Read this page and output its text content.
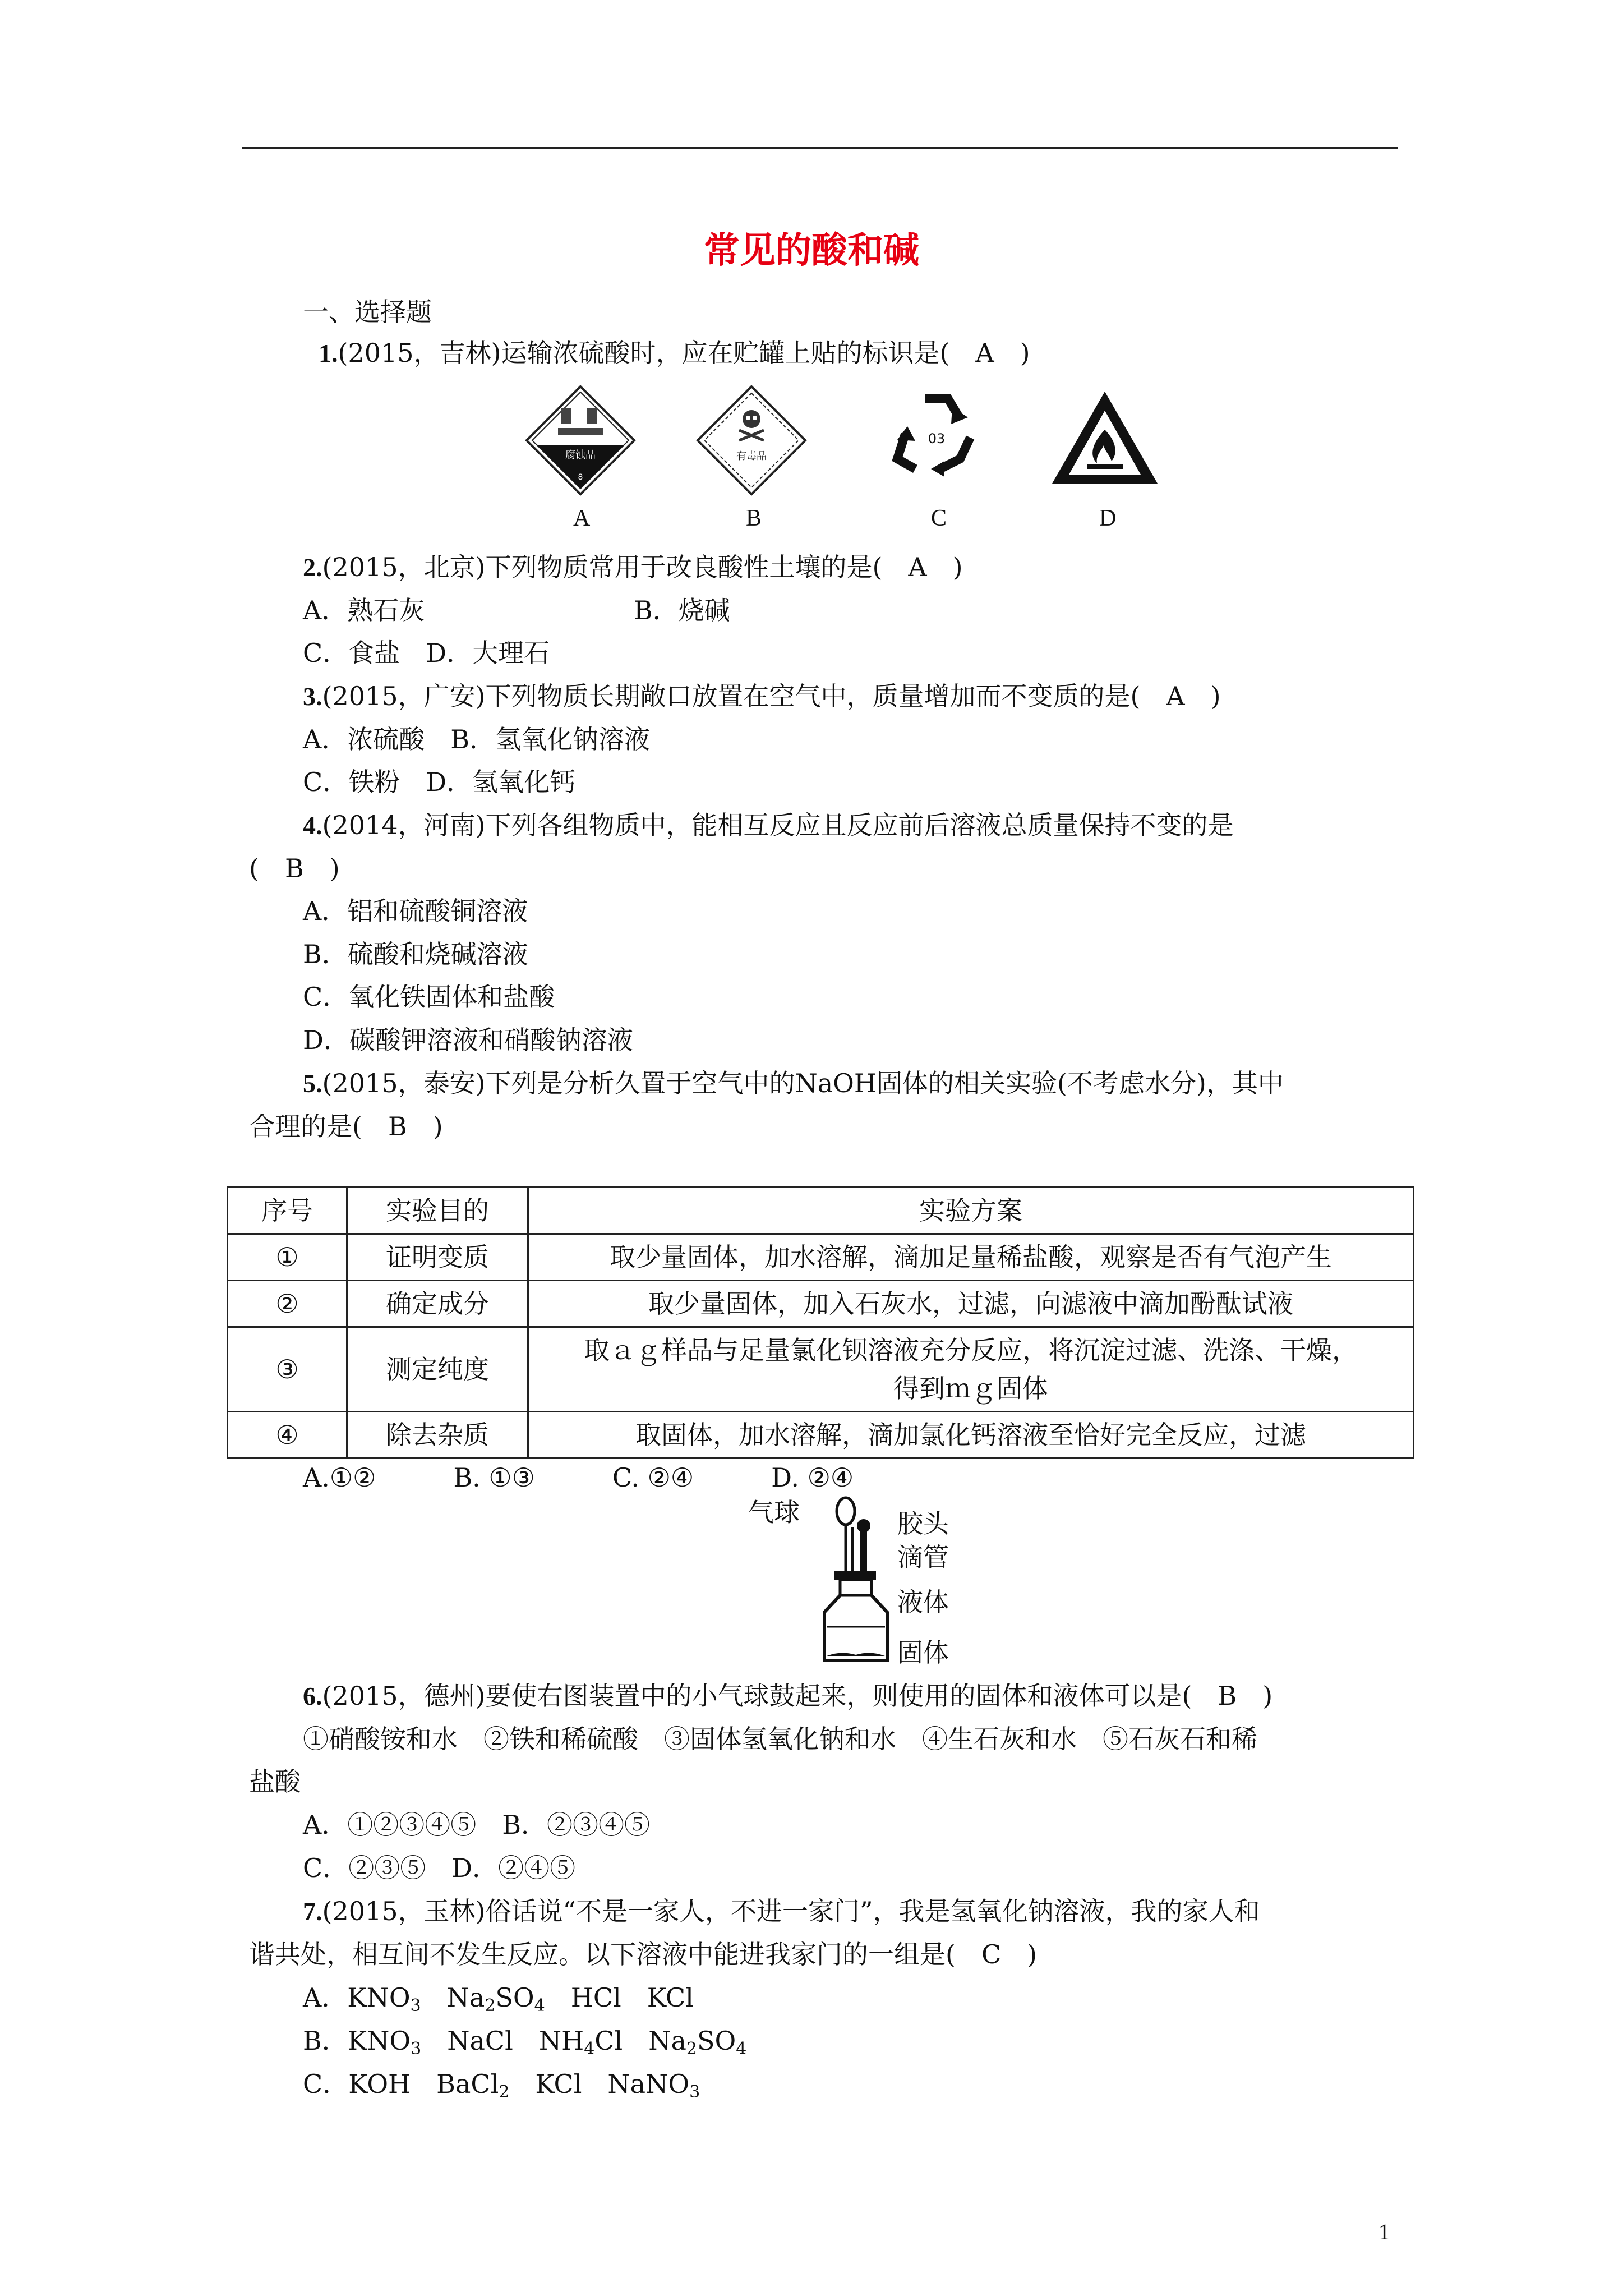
常见的酸和碱
一、选择题
1.(2015，吉林)运输浓硫酸时，应在贮罐上贴的标识是(　A　)
腐蚀品
8
有毒品
03
A	B	C	D
2.(2015，北京)下列物质常用于改良酸性土壤的是(　A　)
A．熟石灰	B．烧碱
C．食盐　D．大理石
3.(2015，广安)下列物质长期敞口放置在空气中，质量增加而不变质的是(　A　)
A．浓硫酸　B．氢氧化钠溶液
C．铁粉　D．氢氧化钙
4.(2014，河南)下列各组物质中，能相互反应且反应前后溶液总质量保持不变的是
(　B　)
A．铝和硫酸铜溶液
B．硫酸和烧碱溶液
C．氧化铁固体和盐酸
D．碳酸钾溶液和硝酸钠溶液
5.(2015，泰安)下列是分析久置于空气中的NaOH固体的相关实验(不考虑水分)，其中
合理的是(　B　)
序号	实验目的	实验方案
①	证明变质	取少量固体，加水溶解，滴加足量稀盐酸，观察是否有气泡产生
②	确定成分	取少量固体，加入石灰水，过滤，向滤液中滴加酚酞试液
③	测定纯度	取ａｇ样品与足量氯化钡溶液充分反应，将沉淀过滤、洗涤、干燥，
得到ｍｇ固体

④	除去杂质	取固体，加水溶解，滴加氯化钙溶液至恰好完全反应，过滤
A.①②　　　B. ①③　　　C. ②④　　　D. ②④
气球	胶头
滴管
液体
固体
6.(2015，德州)要使右图装置中的小气球鼓起来，则使用的固体和液体可以是(　B　)
①硝酸铵和水　②铁和稀硫酸　③固体氢氧化钠和水　④生石灰和水　⑤石灰石和稀
盐酸
A．①②③④⑤　B．②③④⑤
C．②③⑤　D．②④⑤
7.(2015，玉林)俗话说“不是一家人，不进一家门”，我是氢氧化钠溶液，我的家人和
谐共处，相互间不发生反应。以下溶液中能进我家门的一组是(　C　)
A．$KNO_3$　$Na_2SO_4$　HCl　KCl
B．$KNO_3$　NaCl　$NH_4Cl$　$Na_2SO_4$
C．KOH　BaCl$_2$　KCl　NaNO$_3$
1
